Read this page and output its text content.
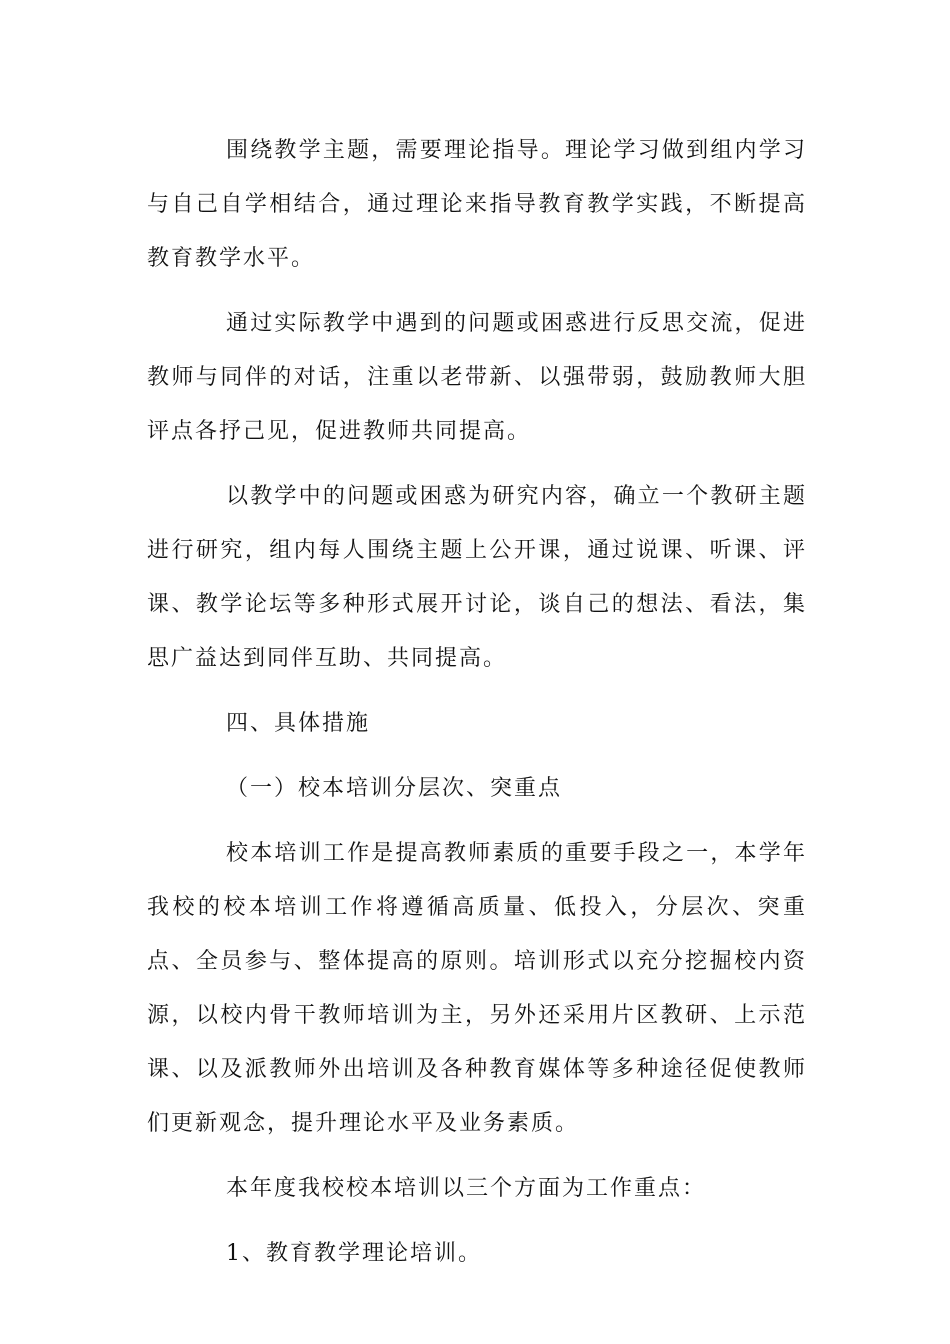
围绕教学主题，需要理论指导。理论学习做到组内学习与自己自学相结合，通过理论来指导教育教学实践，不断提高教育教学水平。

通过实际教学中遇到的问题或困惑进行反思交流，促进教师与同伴的对话，注重以老带新、以强带弱，鼓励教师大胆评点各抒己见，促进教师共同提高。

以教学中的问题或困惑为研究内容，确立一个教研主题进行研究，组内每人围绕主题上公开课，通过说课、听课、评课、教学论坛等多种形式展开讨论，谈自己的想法、看法，集思广益达到同伴互助、共同提高。

四、具体措施

（一）校本培训分层次、突重点

校本培训工作是提高教师素质的重要手段之一，本学年我校的校本培训工作将遵循高质量、低投入，分层次、突重点、全员参与、整体提高的原则。培训形式以充分挖掘校内资源，以校内骨干教师培训为主，另外还采用片区教研、上示范课、以及派教师外出培训及各种教育媒体等多种途径促使教师们更新观念，提升理论水平及业务素质。

本年度我校校本培训以三个方面为工作重点：

1、教育教学理论培训。
